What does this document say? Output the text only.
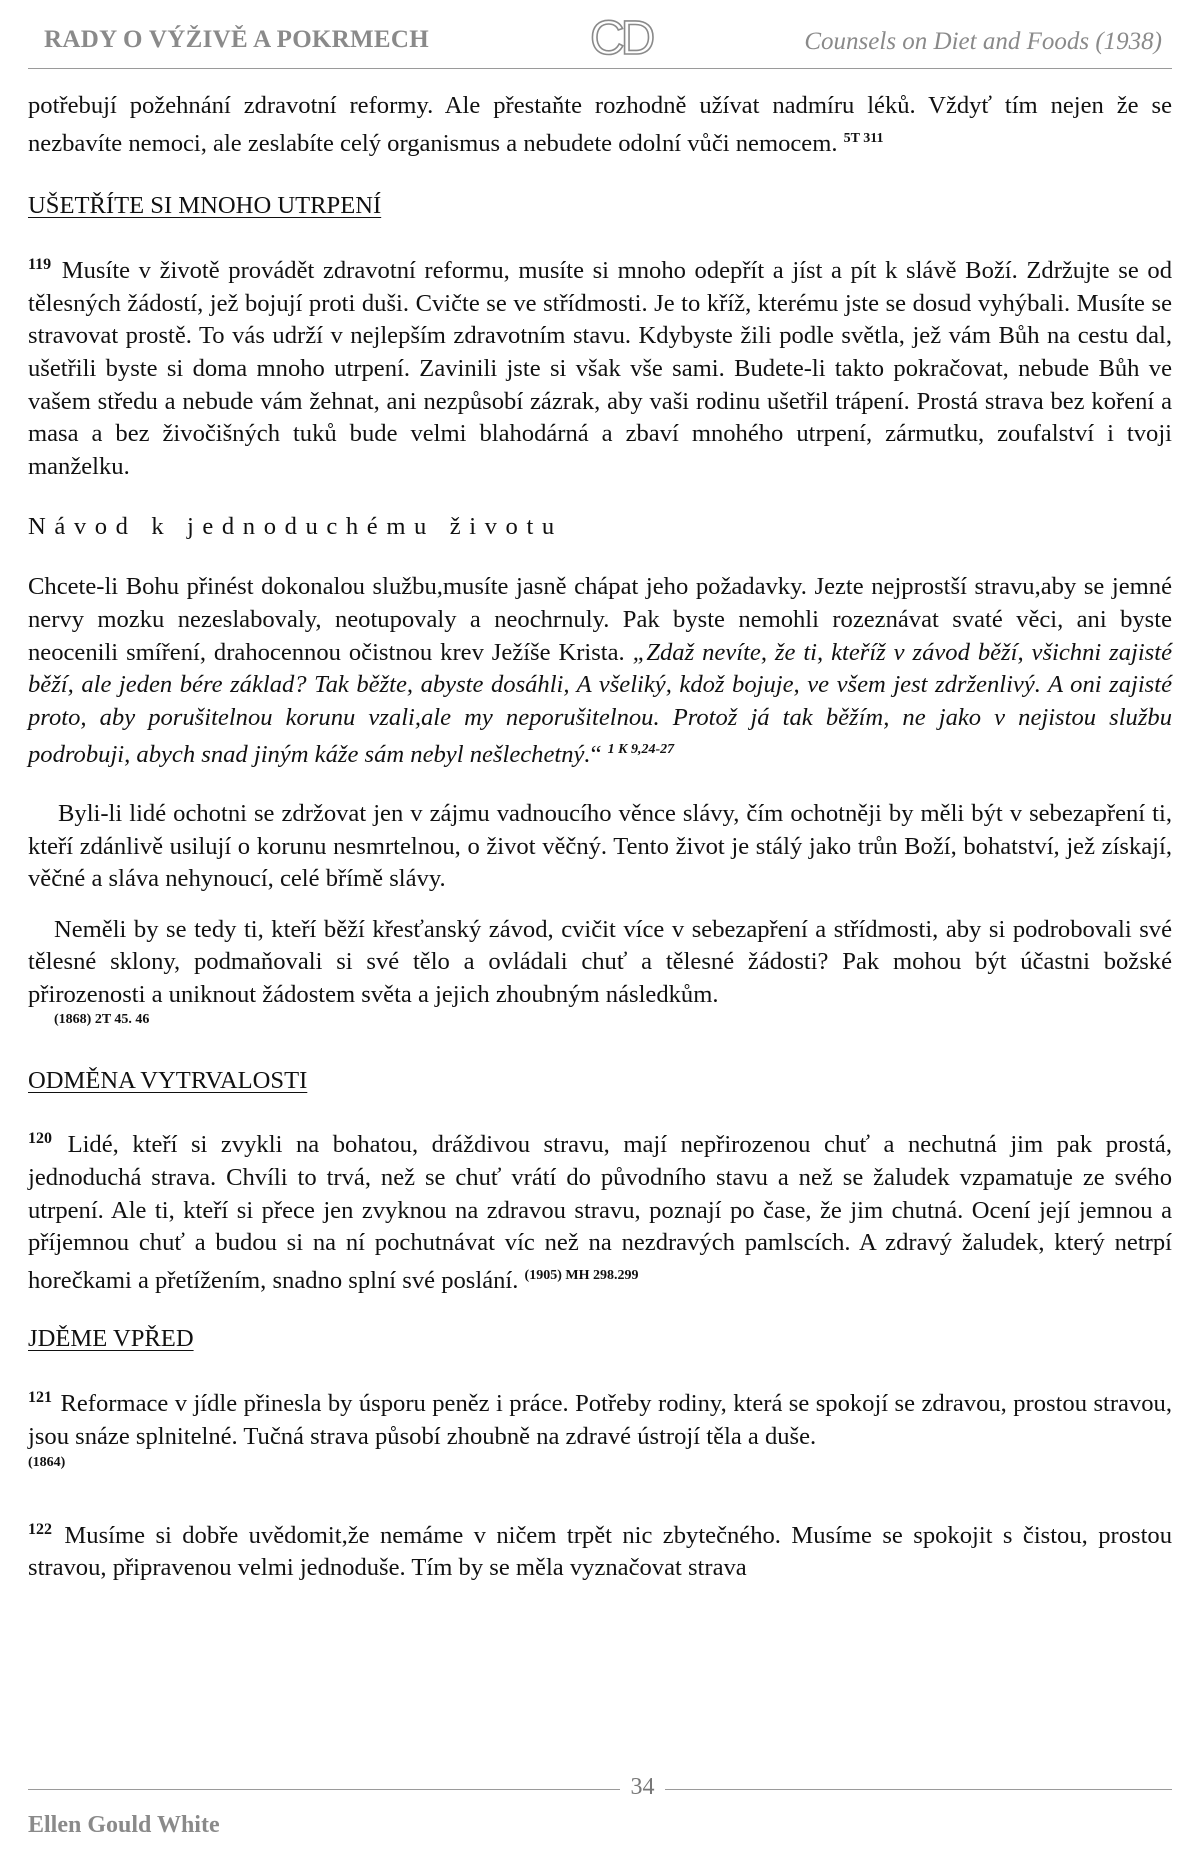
RADY O VÝŽIVĚ A POKRMECH	CD	Counsels on Diet and Foods (1938)

potřebují požehnání zdravotní reformy. Ale přestaňte rozhodně užívat nadmíru léků. Vždyť tím nejen že se nezbavíte nemoci, ale zeslabíte celý organismus a nebudete odolní vůči nemocem. $^{5T 311}$

UŠETŘÍTE SI MNOHO UTRPENÍ

$^{119}$ Musíte v životě provádět zdravotní reformu, musíte si mnoho odepřít a jíst a pít k slávě Boží. Zdržujte se od tělesných žádostí, jež bojují proti duši. Cvičte se ve střídmosti. Je to kříž, kterému jste se dosud vyhýbali. Musíte se stravovat prostě. To vás udrží v nejlepším zdravotním stavu. Kdybyste žili podle světla, jež vám Bůh na cestu dal, ušetřili byste si doma mnoho utrpení. Zavinili jste si však vše sami. Budete-li takto pokračovat, nebude Bůh ve vašem středu a nebude vám žehnat, ani nezpůsobí zázrak, aby vaši rodinu ušetřil trápení. Prostá strava bez koření a masa a bez živočišných tuků bude velmi blahodárná a zbaví mnohého utrpení, zármutku, zoufalství i tvoji manželku.

Návod k jednoduchému životu

Chcete-li Bohu přinést dokonalou službu,musíte jasně chápat jeho požadavky. Jezte nejprostší stravu,aby se jemné nervy mozku nezeslabovaly, neotupovaly a neochrnuly. Pak byste nemohli rozeznávat svaté věci, ani byste neocenili smíření, drahocennou očistnou krev Ježíše Krista. „Zdaž nevíte, že ti, kteříž v závod běží, všichni zajisté běží, ale jeden bére základ? Tak běžte, abyste dosáhli, A všeliký, kdož bojuje, ve všem jest zdrženlivý. A oni zajisté proto, aby porušitelnou korunu vzali,ale my neporušitelnou. Protož já tak běžím, ne jako v nejistou službu podrobuji, abych snad jiným káže sám nebyl nešlechetný.“ $^{1 K 9,24-27}$

Byli-li lidé ochotni se zdržovat jen v zájmu vadnoucího věnce slávy, čím ochotněji by měli být v sebezapření ti, kteří zdánlivě usilují o korunu nesmrtelnou, o život věčný. Tento život je stálý jako trůn Boží, bohatství, jež získají, věčné a sláva nehynoucí, celé břímě slávy.

Neměli by se tedy ti, kteří běží křesťanský závod, cvičit více v sebezapření a střídmosti, aby si podrobovali své tělesné sklony, podmaňovali si své tělo a ovládali chuť a tělesné žádosti? Pak mohou být účastni božské přirozenosti a uniknout žádostem světa a jejich zhoubným následkům.
(1868) 2T 45. 46

ODMĚNA VYTRVALOSTI

$^{120}$ Lidé, kteří si zvykli na bohatou, dráždivou stravu, mají nepřirozenou chuť a nechutná jim pak prostá, jednoduchá strava. Chvíli to trvá, než se chuť vrátí do původního stavu a než se žaludek vzpamatuje ze svého utrpení. Ale ti, kteří si přece jen zvyknou na zdravou stravu, poznají po čase, že jim chutná. Ocení její jemnou a příjemnou chuť a budou si na ní pochutnávat víc než na nezdravých pamlscích. A zdravý žaludek, který netrpí horečkami a přetížením, snadno splní své poslání. $^{(1905) MH 298.299}$

JDĚME VPŘED

$^{121}$ Reformace v jídle přinesla by úsporu peněz i práce. Potřeby rodiny, která se spokojí se zdravou, prostou stravou, jsou snáze splnitelné. Tučná strava působí zhoubně na zdravé ústrojí těla a duše.
(1864)

$^{122}$ Musíme si dobře uvědomit,že nemáme v ničem trpět nic zbytečného. Musíme se spokojit s čistou, prostou stravou, připravenou velmi jednoduše. Tím by se měla vyznačovat strava

34
Ellen Gould White
